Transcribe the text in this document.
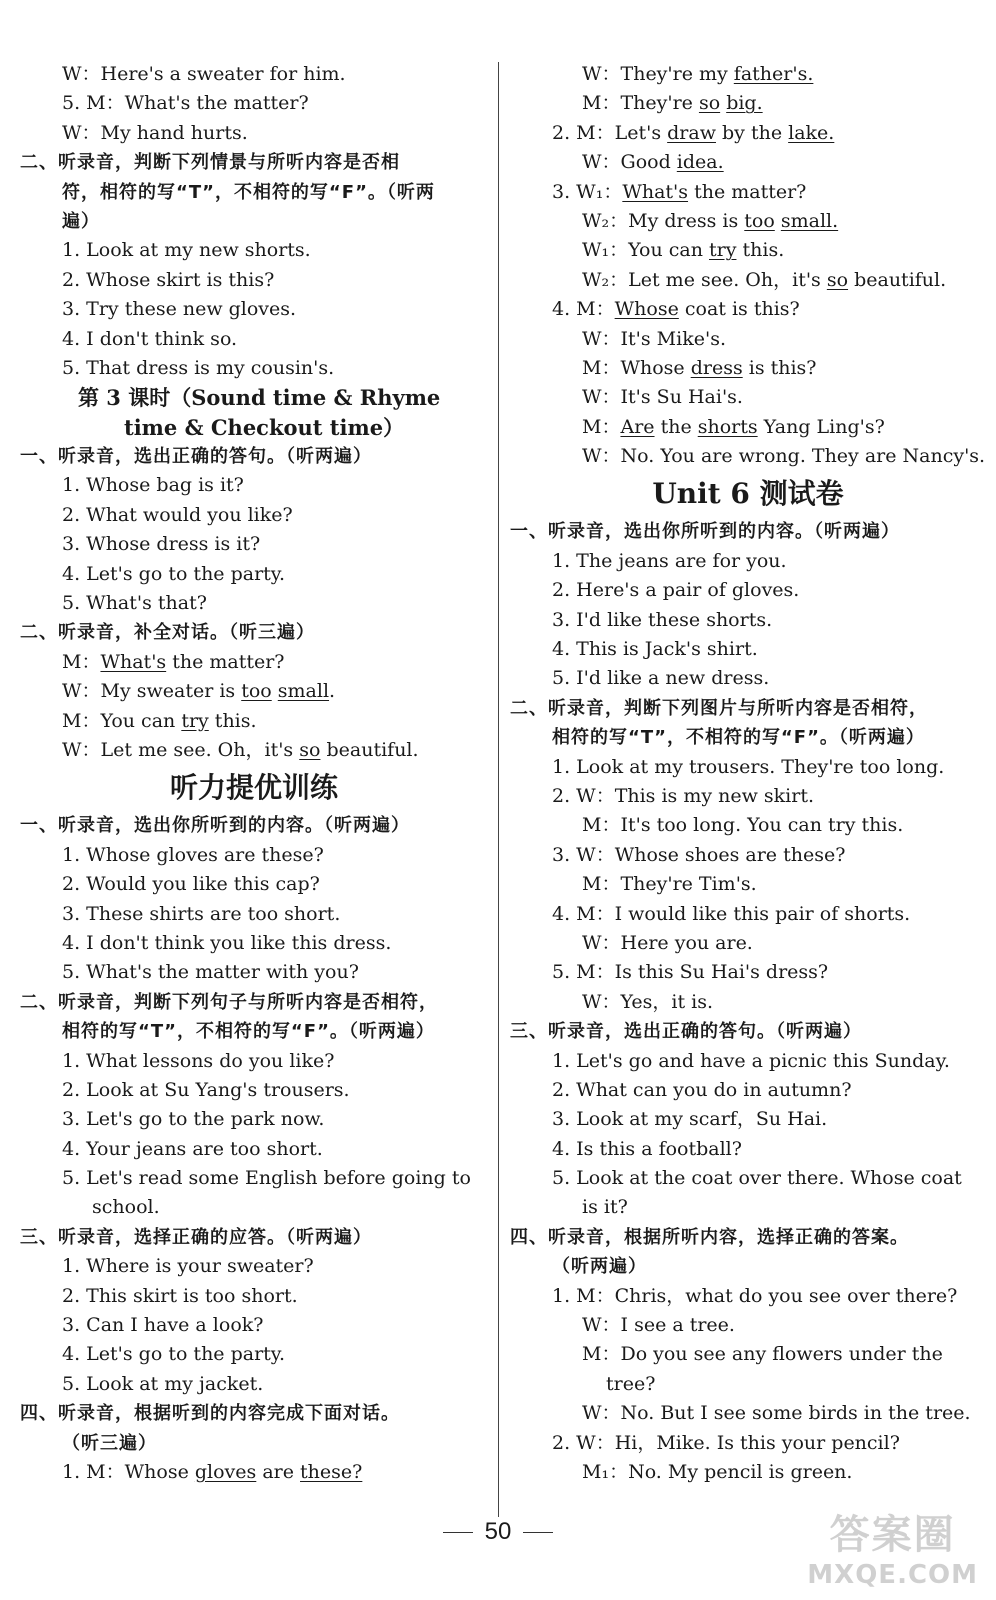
W：Here's a sweater for him.
5. M：What's the matter?
W：My hand hurts.
二、听录音，判断下列情景与所听内容是否相
符，相符的写“T”，不相符的写“F”。（听两
遍）
1. Look at my new shorts.
2. Whose skirt is this?
3. Try these new gloves.
4. I don't think so.
5. That dress is my cousin's.
第 3 课时（Sound time & Rhyme
time & Checkout time）
一、听录音，选出正确的答句。（听两遍）
1. Whose bag is it?
2. What would you like?
3. Whose dress is it?
4. Let's go to the party.
5. What's that?
二、听录音，补全对话。（听三遍）
M：What's the matter?
W：My sweater is too small.
M：You can try this.
W：Let me see. Oh，it's so beautiful.
听力提优训练
一、听录音，选出你所听到的内容。（听两遍）
1. Whose gloves are these?
2. Would you like this cap?
3. These shirts are too short.
4. I don't think you like this dress.
5. What's the matter with you?
二、听录音，判断下列句子与所听内容是否相符，
相符的写“T”，不相符的写“F”。（听两遍）
1. What lessons do you like?
2. Look at Su Yang's trousers.
3. Let's go to the park now.
4. Your jeans are too short.
5. Let's read some English before going to
school.
三、听录音，选择正确的应答。（听两遍）
1. Where is your sweater?
2. This skirt is too short.
3. Can I have a look?
4. Let's go to the party.
5. Look at my jacket.
四、听录音，根据听到的内容完成下面对话。
（听三遍）
1. M：Whose gloves are these?
W：They're my father's.
M：They're so big.
2. M：Let's draw by the lake.
W：Good idea.
3. W₁：What's the matter?
W₂：My dress is too small.
W₁：You can try this.
W₂：Let me see. Oh，it's so beautiful.
4. M：Whose coat is this?
W：It's Mike's.
M：Whose dress is this?
W：It's Su Hai's.
M：Are the shorts Yang Ling's?
W：No. You are wrong. They are Nancy's.
Unit 6 测试卷
一、听录音，选出你所听到的内容。（听两遍）
1. The jeans are for you.
2. Here's a pair of gloves.
3. I'd like these shorts.
4. This is Jack's shirt.
5. I'd like a new dress.
二、听录音，判断下列图片与所听内容是否相符，
相符的写“T”，不相符的写“F”。（听两遍）
1. Look at my trousers. They're too long.
2. W：This is my new skirt.
M：It's too long. You can try this.
3. W：Whose shoes are these?
M：They're Tim's.
4. M：I would like this pair of shorts.
W：Here you are.
5. M：Is this Su Hai's dress?
W：Yes，it is.
三、听录音，选出正确的答句。（听两遍）
1. Let's go and have a picnic this Sunday.
2. What can you do in autumn?
3. Look at my scarf，Su Hai.
4. Is this a football?
5. Look at the coat over there. Whose coat
is it?
四、听录音，根据所听内容，选择正确的答案。
（听两遍）
1. M：Chris，what do you see over there?
W：I see a tree.
M：Do you see any flowers under the
tree?
W：No. But I see some birds in the tree.
2. W：Hi，Mike. Is this your pencil?
M₁：No. My pencil is green.
50	答案圈
MXQE.COM
